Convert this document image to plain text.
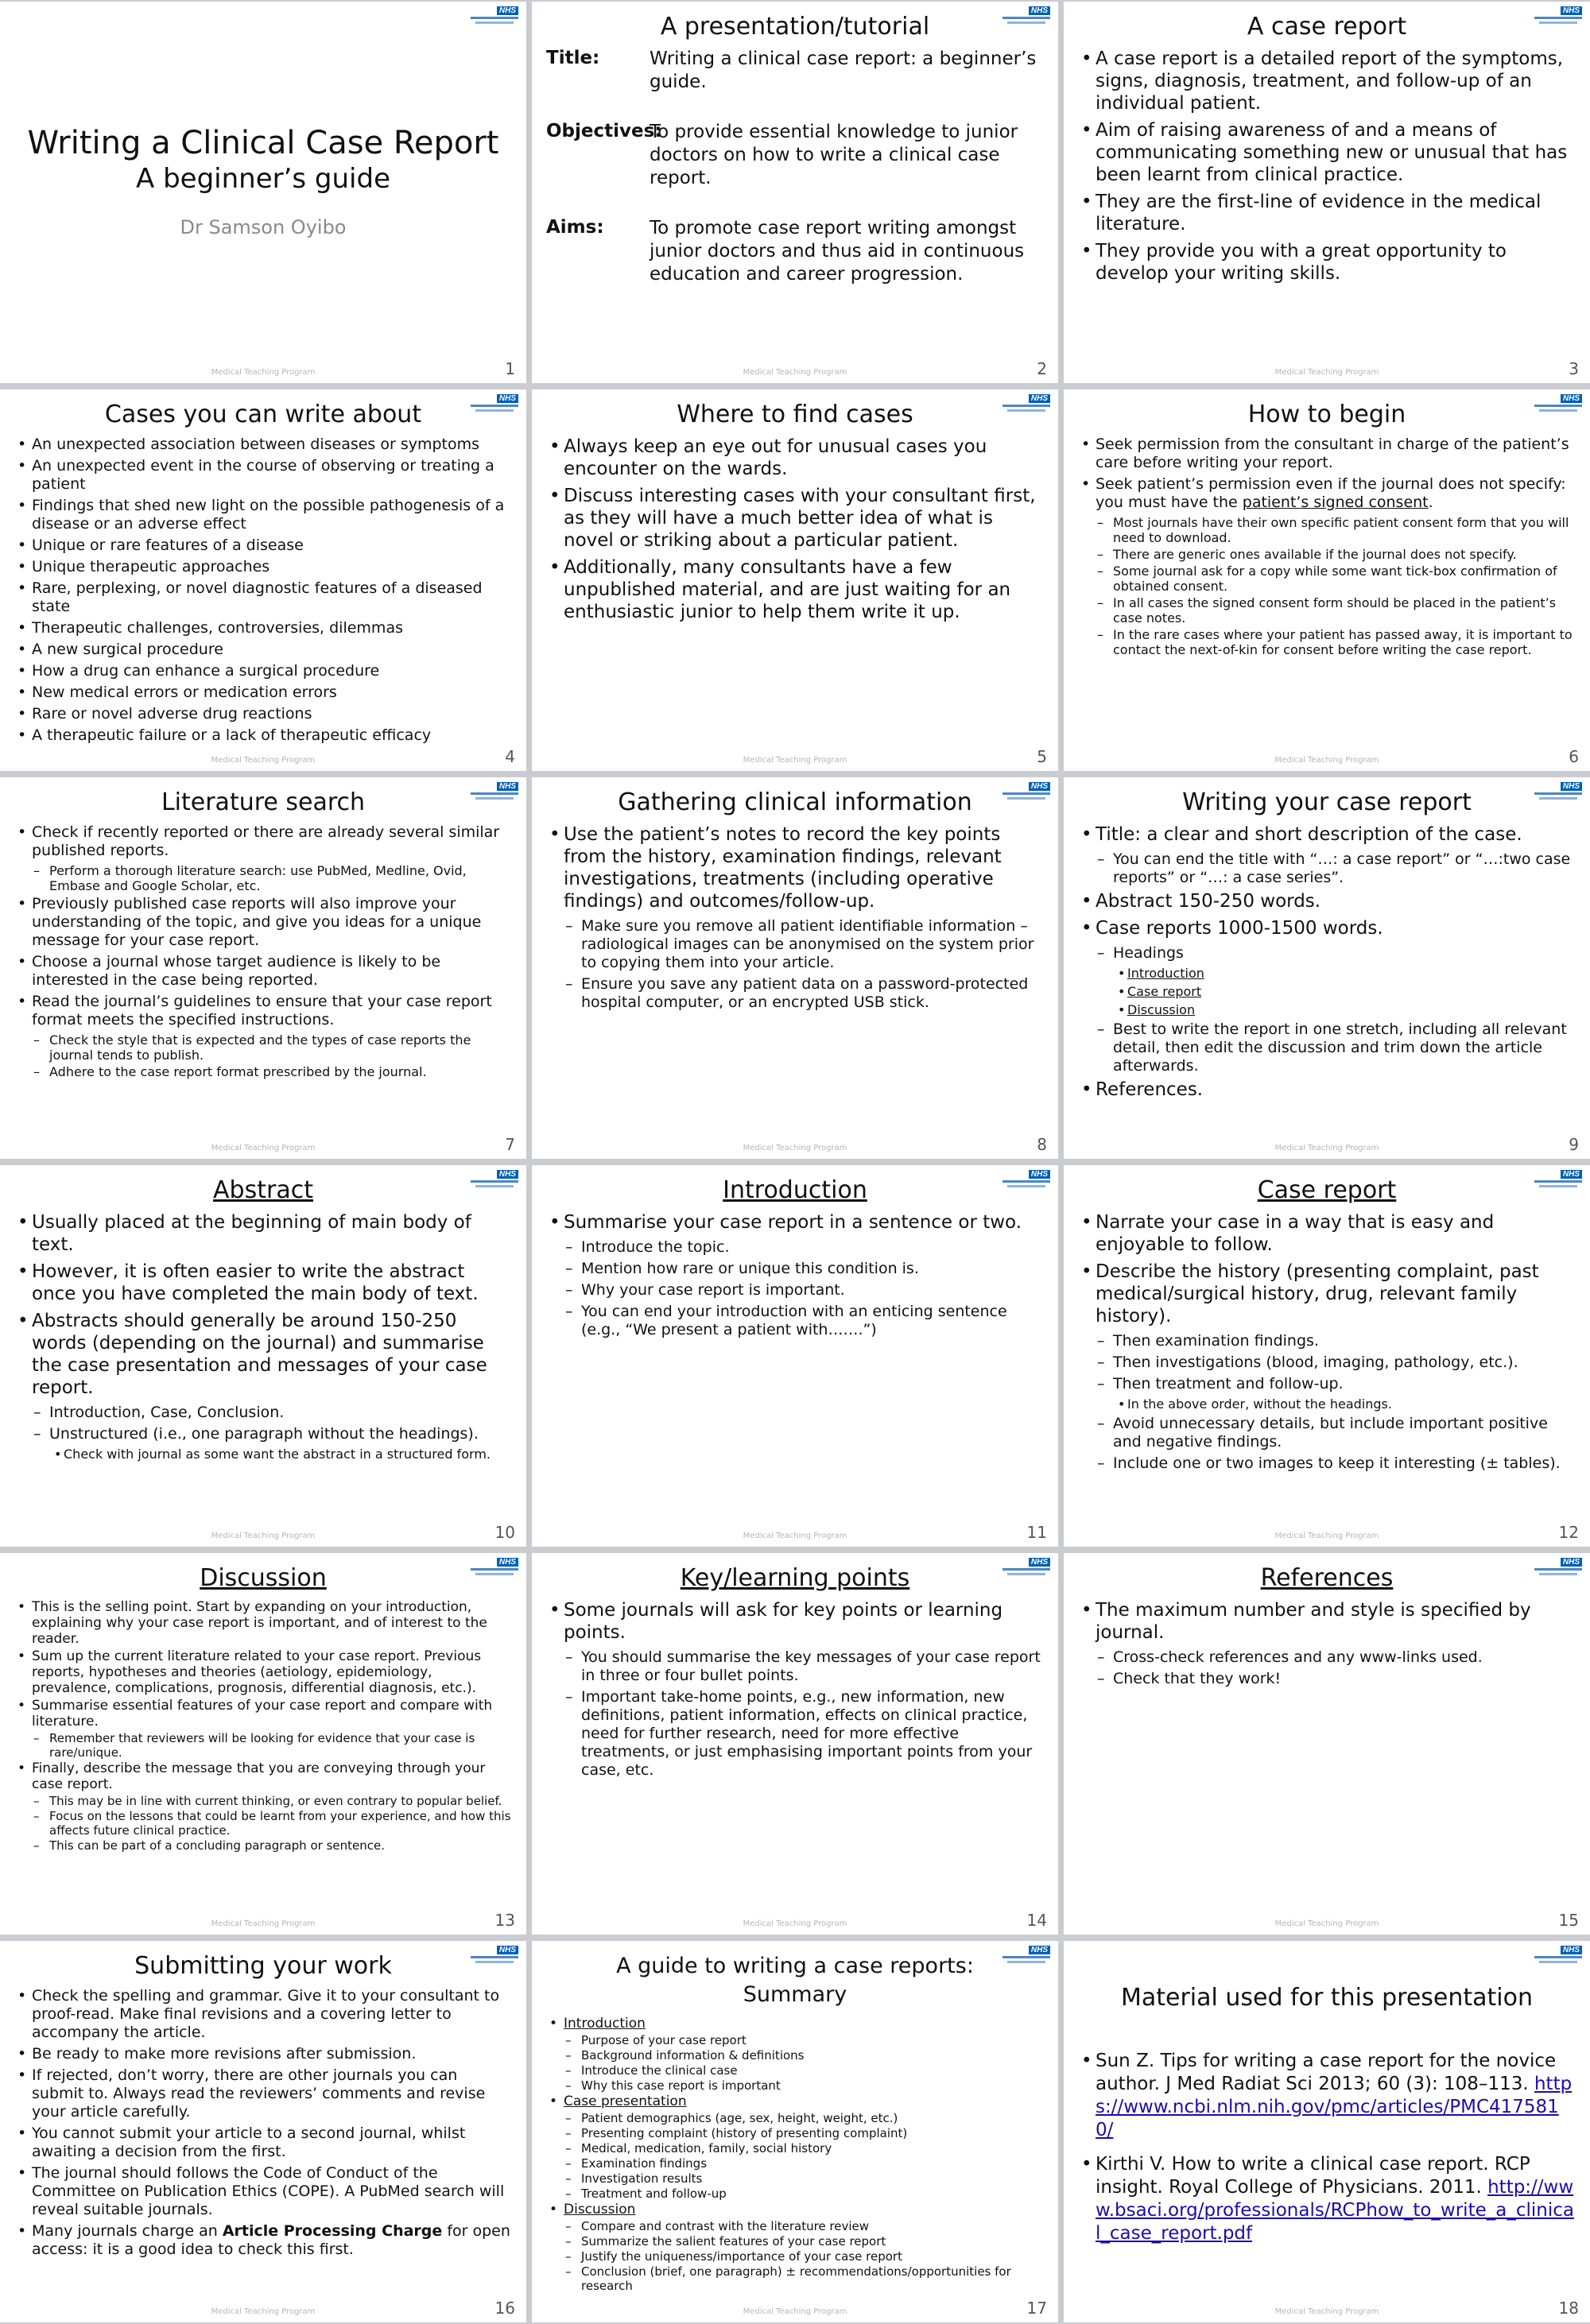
NHS
Writing a Clinical Case Report
A beginner’s guide
Dr Samson Oyibo
Medical Teaching Program	1
NHS
A presentation/tutorial
Title:	Writing a clinical case report: a beginner’s guide.
Objectives:
To provide essential knowledge to junior doctors on how to write a clinical case report.
Aims:	To promote case report writing amongst junior doctors and thus aid in continuous education and career progression.
Medical Teaching Program	2
NHS
A case report
• A case report is a detailed report of the symptoms, signs, diagnosis, treatment, and follow-up of an individual patient.
• Aim of raising awareness of and a means of communicating something new or unusual that has been learnt from clinical practice.
• They are the first-line of evidence in the medical literature.
• They provide you with a great opportunity to develop your writing skills.
Medical Teaching Program	3
NHS
Cases you can write about
• An unexpected association between diseases or symptoms
• An unexpected event in the course of observing or treating a patient
• Findings that shed new light on the possible pathogenesis of a disease or an adverse effect
• Unique or rare features of a disease
• Unique therapeutic approaches
• Rare, perplexing, or novel diagnostic features of a diseased state
• Therapeutic challenges, controversies, dilemmas
• A new surgical procedure
• How a drug can enhance a surgical procedure
• New medical errors or medication errors
• Rare or novel adverse drug reactions
• A therapeutic failure or a lack of therapeutic efficacy
Medical Teaching Program	4
NHS
Where to find cases
• Always keep an eye out for unusual cases you encounter on the wards.
• Discuss interesting cases with your consultant first, as they will have a much better idea of what is novel or striking about a particular patient.
• Additionally, many consultants have a few unpublished material, and are just waiting for an enthusiastic junior to help them write it up.
Medical Teaching Program	5
NHS
How to begin
• Seek permission from the consultant in charge of the patient’s care before writing your report.
• Seek patient’s permission even if the journal does not specify: you must have the patient’s signed consent.
– Most journals have their own specific patient consent form that you will need to download.
– There are generic ones available if the journal does not specify.
– Some journal ask for a copy while some want tick-box confirmation of obtained consent.
– In all cases the signed consent form should be placed in the patient’s case notes.
– In the rare cases where your patient has passed away, it is important to contact the next-of-kin for consent before writing the case report.
Medical Teaching Program	6
NHS
Literature search
• Check if recently reported or there are already several similar published reports.
– Perform a thorough literature search: use PubMed, Medline, Ovid, Embase and Google Scholar, etc.
• Previously published case reports will also improve your understanding of the topic, and give you ideas for a unique message for your case report.
• Choose a journal whose target audience is likely to be interested in the case being reported.
• Read the journal’s guidelines to ensure that your case report format meets the specified instructions.
– Check the style that is expected and the types of case reports the journal tends to publish.
– Adhere to the case report format prescribed by the journal.
Medical Teaching Program	7
NHS
Gathering clinical information
• Use the patient’s notes to record the key points from the history, examination findings, relevant investigations, treatments (including operative findings) and outcomes/follow-up.
– Make sure you remove all patient identifiable information – radiological images can be anonymised on the system prior to copying them into your article.
– Ensure you save any patient data on a password-protected hospital computer, or an encrypted USB stick.
Medical Teaching Program	8
NHS
Writing your case report
• Title: a clear and short description of the case.
– You can end the title with “…: a case report” or “…:two case reports” or “…: a case series”.
• Abstract 150-250 words.
• Case reports 1000-1500 words.
– Headings
• Introduction
• Case report
• Discussion
– Best to write the report in one stretch, including all relevant detail, then edit the discussion and trim down the article afterwards.
• References.
Medical Teaching Program	9
NHS
Abstract
• Usually placed at the beginning of main body of text.
• However, it is often easier to write the abstract once you have completed the main body of text.
• Abstracts should generally be around 150-250 words (depending on the journal) and summarise the case presentation and messages of your case report.
– Introduction, Case, Conclusion.
– Unstructured (i.e., one paragraph without the headings).
• Check with journal as some want the abstract in a structured form.
Medical Teaching Program	10
NHS
Introduction
• Summarise your case report in a sentence or two.
– Introduce the topic.
– Mention how rare or unique this condition is.
– Why your case report is important.
– You can end your introduction with an enticing sentence (e.g., “We present a patient with…….”)
Medical Teaching Program	11
NHS
Case report
• Narrate your case in a way that is easy and enjoyable to follow.
• Describe the history (presenting complaint, past medical/surgical history, drug, relevant family history).
– Then examination findings.
– Then investigations (blood, imaging, pathology, etc.).
– Then treatment and follow-up.
• In the above order, without the headings.
– Avoid unnecessary details, but include important positive and negative findings.
– Include one or two images to keep it interesting (± tables).
Medical Teaching Program	12
NHS
Discussion
• This is the selling point. Start by expanding on your introduction, explaining why your case report is important, and of interest to the reader.
• Sum up the current literature related to your case report. Previous reports, hypotheses and theories (aetiology, epidemiology, prevalence, complications, prognosis, differential diagnosis, etc.).
• Summarise essential features of your case report and compare with literature.
– Remember that reviewers will be looking for evidence that your case is rare/unique.
• Finally, describe the message that you are conveying through your case report.
– This may be in line with current thinking, or even contrary to popular belief.
– Focus on the lessons that could be learnt from your experience, and how this affects future clinical practice.
– This can be part of a concluding paragraph or sentence.
Medical Teaching Program	13
NHS
Key/learning points
• Some journals will ask for key points or learning points.
– You should summarise the key messages of your case report in three or four bullet points.
– Important take-home points, e.g., new information, new definitions, patient information, effects on clinical practice, need for further research, need for more effective treatments, or just emphasising important points from your case, etc.
Medical Teaching Program	14
NHS
References
• The maximum number and style is specified by journal.
– Cross-check references and any www-links used.
– Check that they work!
Medical Teaching Program	15
NHS
Submitting your work
• Check the spelling and grammar. Give it to your consultant to proof-read. Make final revisions and a covering letter to accompany the article.
• Be ready to make more revisions after submission.
• If rejected, don’t worry, there are other journals you can submit to. Always read the reviewers’ comments and revise your article carefully.
• You cannot submit your article to a second journal, whilst awaiting a decision from the first.
• The journal should follows the Code of Conduct of the Committee on Publication Ethics (COPE). A PubMed search will reveal suitable journals.
• Many journals charge an Article Processing Charge for open access: it is a good idea to check this first.
Medical Teaching Program	16
NHS
A guide to writing a case reports: Summary
• Introduction
– Purpose of your case report
– Background information & definitions
– Introduce the clinical case
– Why this case report is important
• Case presentation
– Patient demographics (age, sex, height, weight, etc.)
– Presenting complaint (history of presenting complaint)
– Medical, medication, family, social history
– Examination findings
– Investigation results
– Treatment and follow-up
• Discussion
– Compare and contrast with the literature review
– Summarize the salient features of your case report
– Justify the uniqueness/importance of your case report
– Conclusion (brief, one paragraph) ± recommendations/opportunities for research
Medical Teaching Program	17
NHS
Material used for this presentation
• Sun Z. Tips for writing a case report for the novice author. J Med Radiat Sci 2013; 60 (3): 108–113. https://www.ncbi.nlm.nih.gov/pmc/articles/PMC4175810/
• Kirthi V. How to write a clinical case report. RCP insight. Royal College of Physicians. 2011. http://www.bsaci.org/professionals/RCPhow_to_write_a_clinical_case_report.pdf
Medical Teaching Program	18
